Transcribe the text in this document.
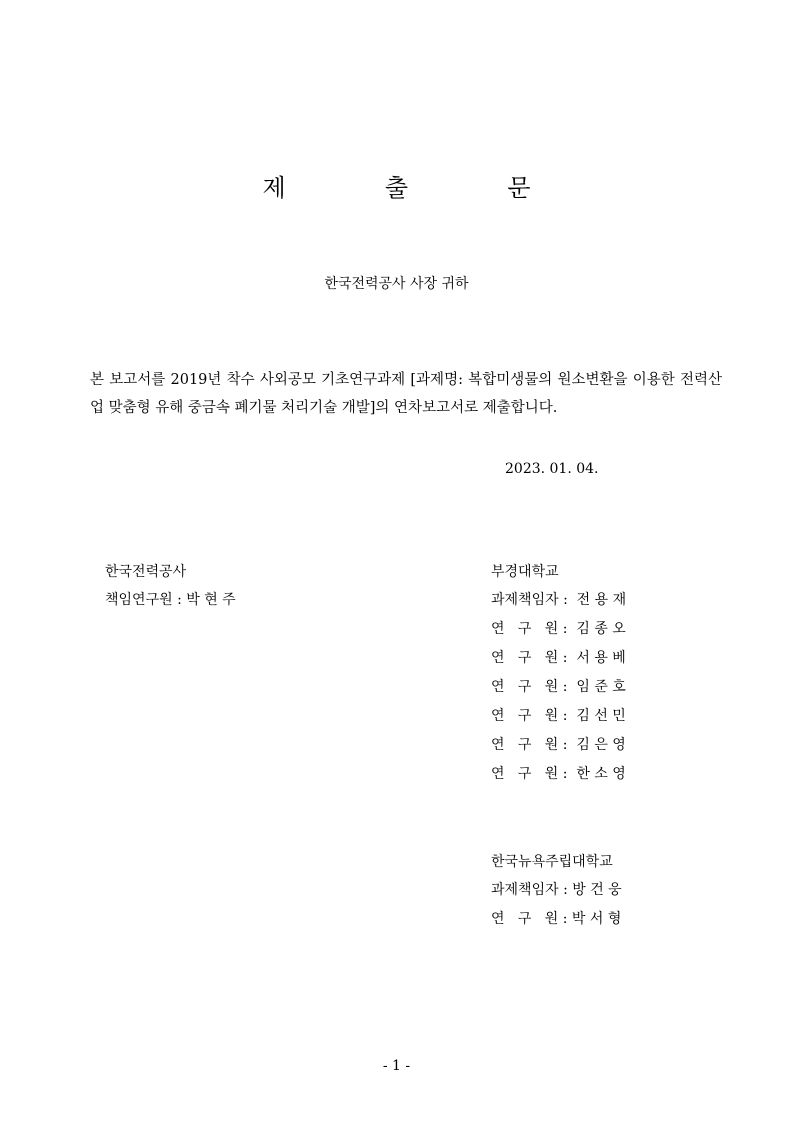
제  출  문
한국전력공사 사장 귀하
본 보고서를 2019년 착수 사외공모 기초연구과제 [과제명: 복합미생물의 원소변환을 이용한 전력산업 맞춤형 유해 중금속 폐기물 처리기술 개발]의 연차보고서로 제출합니다.
2023. 01. 04.
한국전력공사
책임연구원 : 박 현 주
부경대학교
과제책임자 :  전 용 재
연   구   원 :  김 종 오
연   구   원 :  서 용 베
연   구   원 :  임 준 호
연   구   원 :  김 선 민
연   구   원 :  김 은 영
연   구   원 :  한 소 영
한국뉴욕주립대학교
과제책임자 : 방 건 웅
연   구   원 : 박 서 형
- 1 -
